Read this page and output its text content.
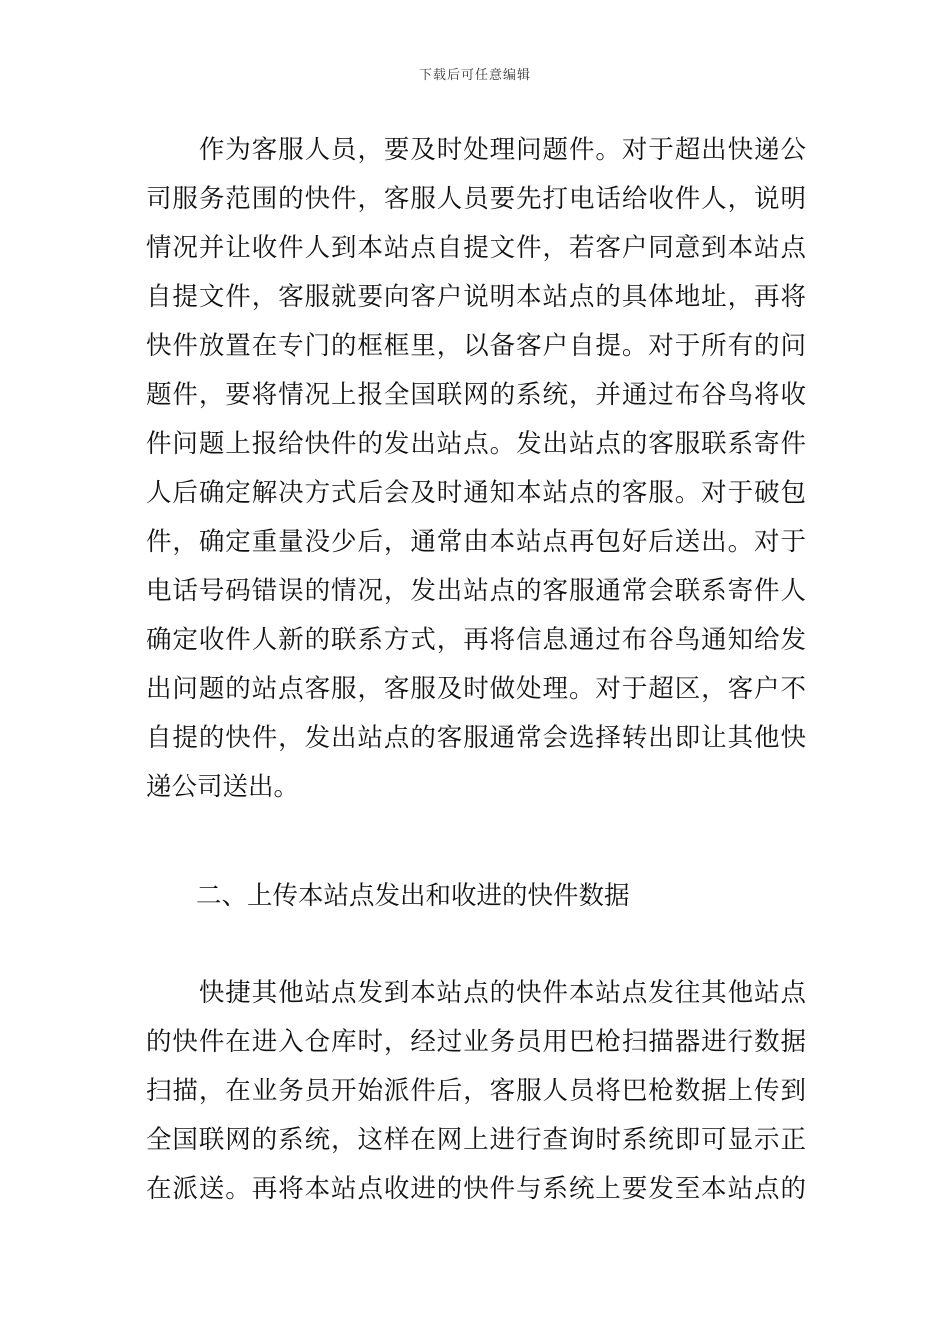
下载后可任意编辑
　　作为客服人员，要及时处理问题件。对于超出快递公
司服务范围的快件，客服人员要先打电话给收件人，说明
情况并让收件人到本站点自提文件，若客户同意到本站点
自提文件，客服就要向客户说明本站点的具体地址，再将
快件放置在专门的框框里，以备客户自提。对于所有的问
题件，要将情况上报全国联网的系统，并通过布谷鸟将收
件问题上报给快件的发出站点。发出站点的客服联系寄件
人后确定解决方式后会及时通知本站点的客服。对于破包
件，确定重量没少后，通常由本站点再包好后送出。对于
电话号码错误的情况，发出站点的客服通常会联系寄件人
确定收件人新的联系方式，再将信息通过布谷鸟通知给发
出问题的站点客服，客服及时做处理。对于超区，客户不
自提的快件，发出站点的客服通常会选择转出即让其他快
递公司送出。
二、上传本站点发出和收进的快件数据
　　快捷其他站点发到本站点的快件本站点发往其他站点
的快件在进入仓库时，经过业务员用巴枪扫描器进行数据
扫描，在业务员开始派件后，客服人员将巴枪数据上传到
全国联网的系统，这样在网上进行查询时系统即可显示正
在派送。再将本站点收进的快件与系统上要发至本站点的
